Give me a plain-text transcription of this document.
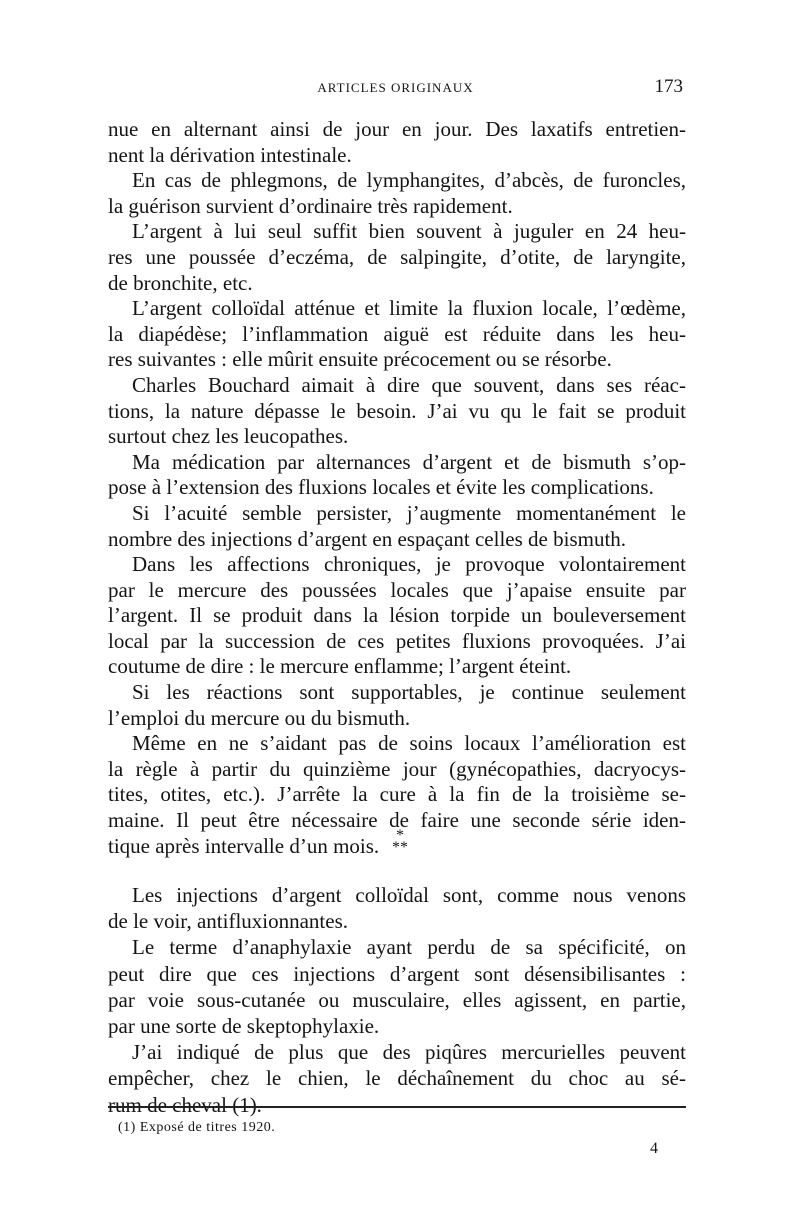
ARTICLES ORIGINAUX	173

nue en alternant ainsi de jour en jour. Des laxatifs entretien-
nent la dérivation intestinale.

En cas de phlegmons, de lymphangites, d’abcès, de furoncles,
la guérison survient d’ordinaire très rapidement.

L’argent à lui seul suffit bien souvent à juguler en 24 heu-
res une poussée d’eczéma, de salpingite, d’otite, de laryngite,
de bronchite, etc.

L’argent colloïdal atténue et limite la fluxion locale, l’œdème,
la diapédèse; l’inflammation aiguë est réduite dans les heu-
res suivantes : elle mûrit ensuite précocement ou se résorbe.

Charles Bouchard aimait à dire que souvent, dans ses réac-
tions, la nature dépasse le besoin. J’ai vu qu le fait se produit
surtout chez les leucopathes.

Ma médication par alternances d’argent et de bismuth s’op-
pose à l’extension des fluxions locales et évite les complications.

Si l’acuité semble persister, j’augmente momentanément le
nombre des injections d’argent en espaçant celles de bismuth.

Dans les affections chroniques, je provoque volontairement
par le mercure des poussées locales que j’apaise ensuite par
l’argent. Il se produit dans la lésion torpide un bouleversement
local par la succession de ces petites fluxions provoquées. J’ai
coutume de dire : le mercure enflamme; l’argent éteint.

Si les réactions sont supportables, je continue seulement
l’emploi du mercure ou du bismuth.

Même en ne s’aidant pas de soins locaux l’amélioration est
la règle à partir du quinzième jour (gynécopathies, dacryocys-
tites, otites, etc.). J’arrête la cure à la fin de la troisième se-
maine. Il peut être nécessaire de faire une seconde série iden-
tique après intervalle d’un mois.	*
**

Les injections d’argent colloïdal sont, comme nous venons
de le voir, antifluxionnantes.

Le terme d’anaphylaxie ayant perdu de sa spécificité, on
peut dire que ces injections d’argent sont désensibilisantes :
par voie sous-cutanée ou musculaire, elles agissent, en partie,
par une sorte de skeptophylaxie.

J’ai indiqué de plus que des piqûres mercurielles peuvent
empêcher, chez le chien, le déchaînement du choc au sé-
rum de cheval (1).

(1) Exposé de titres 1920.
4
